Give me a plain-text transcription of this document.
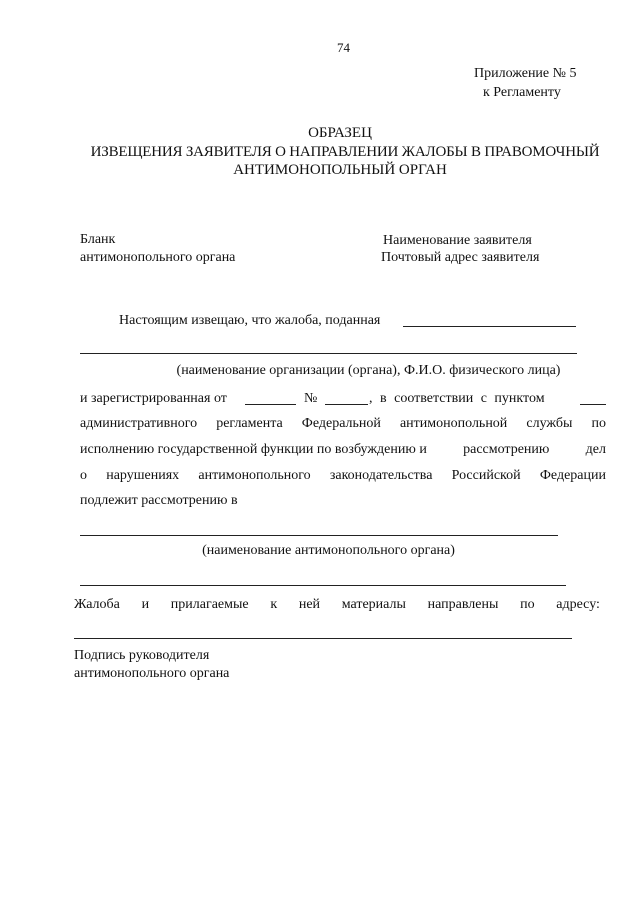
74
Приложение № 5
к Регламенту
ОБРАЗЕЦ
ИЗВЕЩЕНИЯ ЗАЯВИТЕЛЯ О НАПРАВЛЕНИИ ЖАЛОБЫ В ПРАВОМОЧНЫЙ
АНТИМОНОПОЛЬНЫЙ ОРГАН
Бланк
антимонопольного органа
Наименование заявителя
Почтовый адрес заявителя
Настоящим извещаю, что жалоба, поданная
(наименование организации (органа), Ф.И.О. физического лица)
и зарегистрированная от	№	, в соответствии с пунктом
административного регламента Федеральной антимонопольной службы по
исполнению государственной функции по возбуждению и	рассмотрению	дел
о нарушениях антимонопольного законодательства Российской Федерации
подлежит рассмотрению в
(наименование антимонопольного органа)
Жалоба и прилагаемые к ней материалы направлены по адресу:
Подпись руководителя
антимонопольного органа
